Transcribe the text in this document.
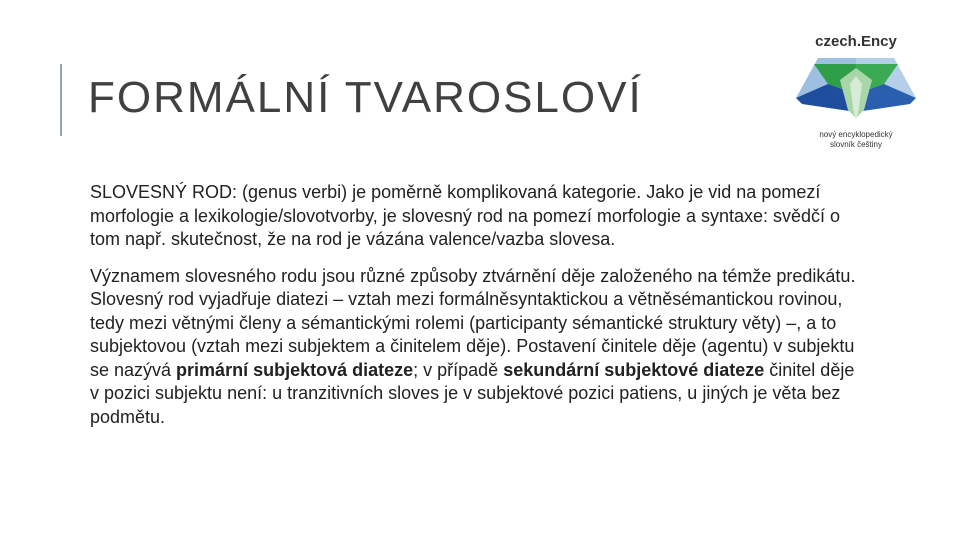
FORMÁLNÍ TVAROSLOVÍ
czech.Ency
nový encyklopedický
slovník češtiny

SLOVESNÝ ROD: (genus verbi) je poměrně komplikovaná kategorie. Jako je vid na pomezí morfologie a lexikologie/slovotvorby, je slovesný rod na pomezí morfologie a syntaxe: svědčí o tom např. skutečnost, že na rod je vázána valence/vazba slovesa.

Významem slovesného rodu jsou různé způsoby ztvárnění děje založeného na témže predikátu. Slovesný rod vyjadřuje diatezi – vztah mezi formálněsyntaktickou a větněsémantickou rovinou, tedy mezi větnými členy a sémantickými rolemi (participanty sémantické struktury věty) –, a to subjektovou (vztah mezi subjektem a činitelem děje). Postavení činitele děje (agentu) v subjektu se nazývá primární subjektová diateze; v případě sekundární subjektové diateze činitel děje v pozici subjektu není: u tranzitivních sloves je v subjektové pozici patiens, u jiných je věta bez podmětu.
